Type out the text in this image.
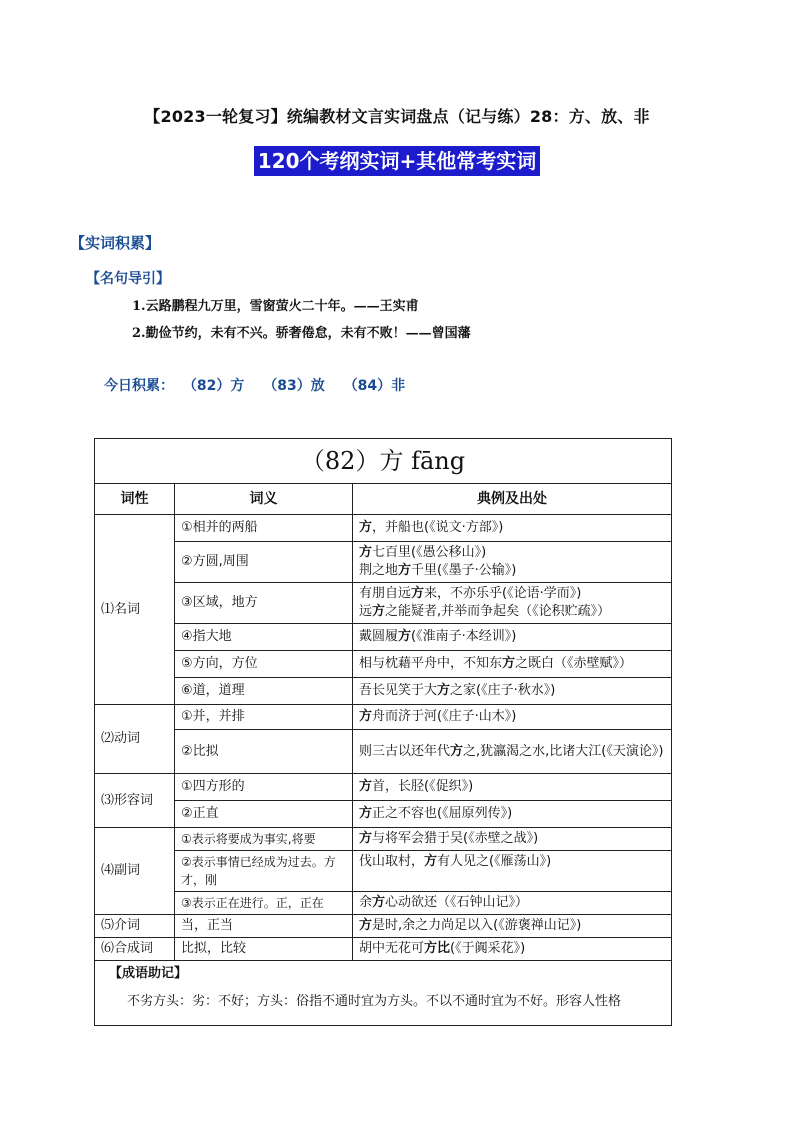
【2023一轮复习】统编教材文言实词盘点（记与练）28：方、放、非
120个考纲实词+其他常考实词
【实词积累】
【名句导引】
1.云路鹏程九万里，雪窗萤火二十年。——王实甫
2.勤俭节约，未有不兴。骄奢倦怠，未有不败！——曾国藩
今日积累： （82）方 （83）放 （84）非
（82）方 fāng		
词性	词义	典例及出处
⑴名词	①相并的两船	方，并船也(《说文·方部》)
	②方圆,周围	方七百里(《愚公移山》)
荆之地方千里(《墨子·公输》)
	③区域，地方	有朋自远方来，不亦乐乎(《论语·学而》)
远方之能疑者,并举而争起矣（《论积贮疏》）
	④指大地	戴圆履方(《淮南子·本经训》)
	⑤方向，方位	相与枕藉平舟中，不知东方之既白（《赤壁赋》）
	⑥道，道理	吾长见笑于大方之家(《庄子·秋水》)
⑵动词	①并，并排	方舟而济于河(《庄子·山木》)
	②比拟	则三古以还年代方之,犹瀛渴之水,比诸大江(《天演论》)
⑶形容词	①四方形的	方首，长胫(《促织》)
	②正直	方正之不容也(《屈原列传》)
⑷副词	①表示将要成为事实,将要	方与将军会猎于吴(《赤壁之战》)
	②表示事情已经成为过去。方才，刚	伐山取村，方有人见之(《雁荡山》)
	③表示正在进行。正，正在	余方心动欲还（《石钟山记》）
⑸介词	当，正当	方是时,余之力尚足以入(《游褒禅山记》)
⑹合成词	比拟，比较	胡中无花可方比(《于阗采花》)

【成语助记】
不劣方头：劣：不好；方头：俗指不通时宜为方头。不以不通时宜为不好。形容人性格		
